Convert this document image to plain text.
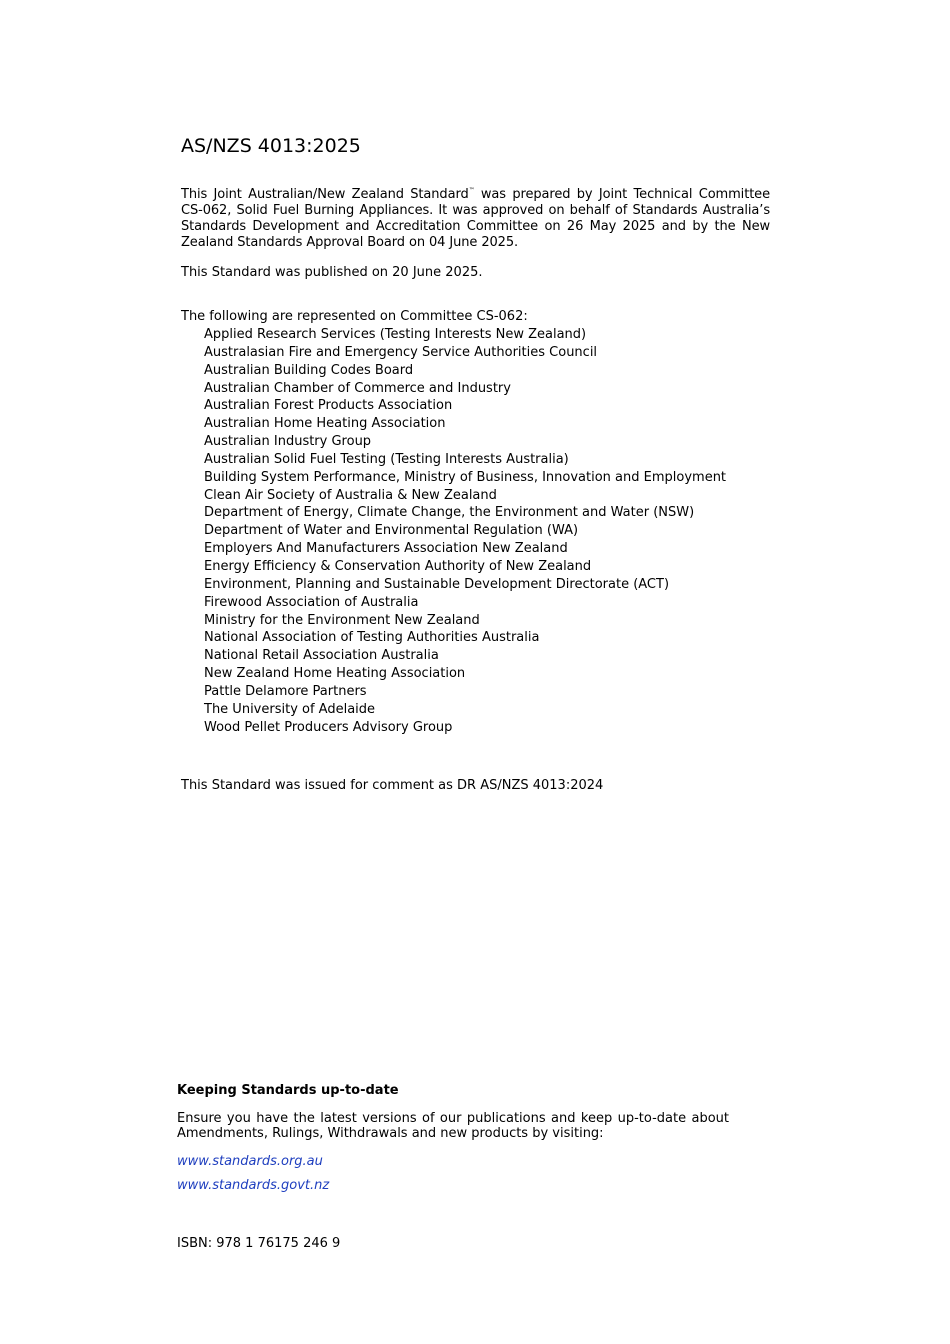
AS/NZS 4013:2025
This Joint Australian/New Zealand Standard™ was prepared by Joint Technical Committee CS-062, Solid Fuel Burning Appliances. It was approved on behalf of Standards Australia’s Standards Development and Accreditation Committee on 26 May 2025 and by the New Zealand Standards Approval Board on 04 June 2025.
This Standard was published on 20 June 2025.
The following are represented on Committee CS-062:
Applied Research Services (Testing Interests New Zealand)
Australasian Fire and Emergency Service Authorities Council
Australian Building Codes Board
Australian Chamber of Commerce and Industry
Australian Forest Products Association
Australian Home Heating Association
Australian Industry Group
Australian Solid Fuel Testing (Testing Interests Australia)
Building System Performance, Ministry of Business, Innovation and Employment
Clean Air Society of Australia & New Zealand
Department of Energy, Climate Change, the Environment and Water (NSW)
Department of Water and Environmental Regulation (WA)
Employers And Manufacturers Association New Zealand
Energy Efficiency & Conservation Authority of New Zealand
Environment, Planning and Sustainable Development Directorate (ACT)
Firewood Association of Australia
Ministry for the Environment New Zealand
National Association of Testing Authorities Australia
National Retail Association Australia
New Zealand Home Heating Association
Pattle Delamore Partners
The University of Adelaide
Wood Pellet Producers Advisory Group
This Standard was issued for comment as DR AS/NZS 4013:2024
Keeping Standards up-to-date
Ensure you have the latest versions of our publications and keep up-to-date about Amendments, Rulings, Withdrawals and new products by visiting:
www.standards.org.au
www.standards.govt.nz
ISBN: 978 1 76175 246 9
